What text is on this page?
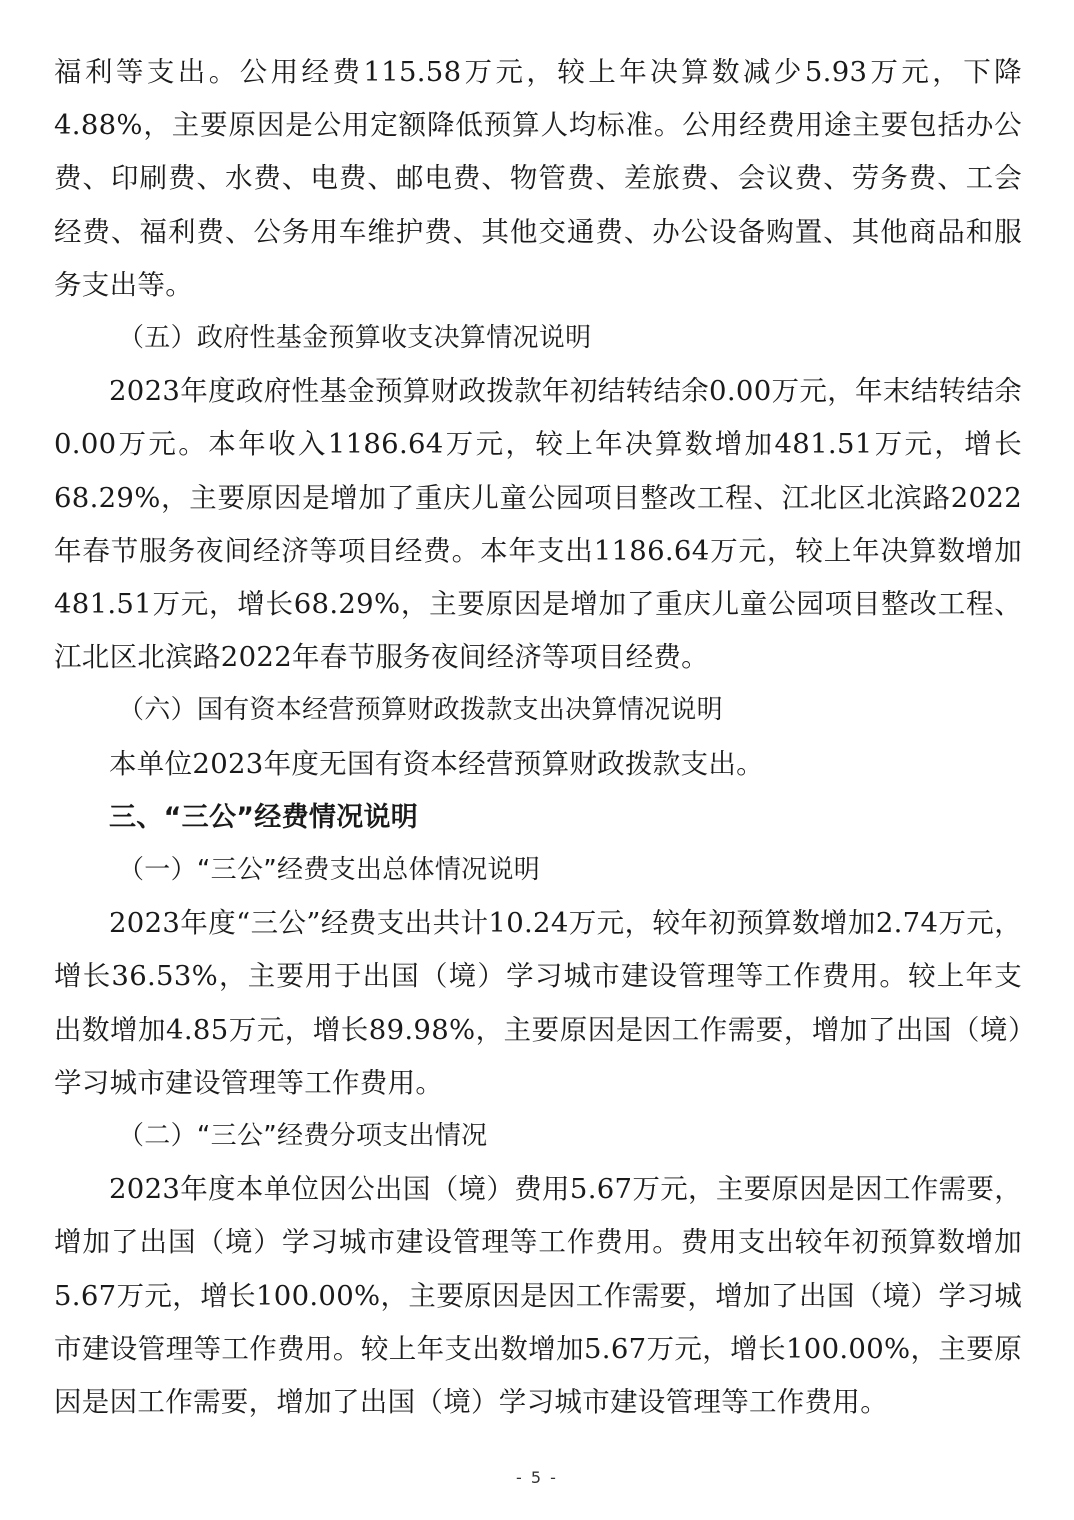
福利等支出。公用经费115.58万元，较上年决算数减少5.93万元，下降4.88%，主要原因是公用定额降低预算人均标准。公用经费用途主要包括办公费、印刷费、水费、电费、邮电费、物管费、差旅费、会议费、劳务费、工会经费、福利费、公务用车维护费、其他交通费、办公设备购置、其他商品和服务支出等。

（五）政府性基金预算收支决算情况说明

2023年度政府性基金预算财政拨款年初结转结余0.00万元，年末结转结余0.00万元。本年收入1186.64万元，较上年决算数增加481.51万元，增长68.29%，主要原因是增加了重庆儿童公园项目整改工程、江北区北滨路2022年春节服务夜间经济等项目经费。本年支出1186.64万元，较上年决算数增加481.51万元，增长68.29%，主要原因是增加了重庆儿童公园项目整改工程、江北区北滨路2022年春节服务夜间经济等项目经费。

（六）国有资本经营预算财政拨款支出决算情况说明

本单位2023年度无国有资本经营预算财政拨款支出。

三、“三公”经费情况说明

（一）“三公”经费支出总体情况说明

2023年度“三公”经费支出共计10.24万元，较年初预算数增加2.74万元，增长36.53%，主要用于出国（境）学习城市建设管理等工作费用。较上年支出数增加4.85万元，增长89.98%，主要原因是因工作需要，增加了出国（境）学习城市建设管理等工作费用。

（二）“三公”经费分项支出情况

2023年度本单位因公出国（境）费用5.67万元，主要原因是因工作需要，增加了出国（境）学习城市建设管理等工作费用。费用支出较年初预算数增加5.67万元，增长100.00%，主要原因是因工作需要，增加了出国（境）学习城市建设管理等工作费用。较上年支出数增加5.67万元，增长100.00%，主要原因是因工作需要，增加了出国（境）学习城市建设管理等工作费用。

- 5 -
